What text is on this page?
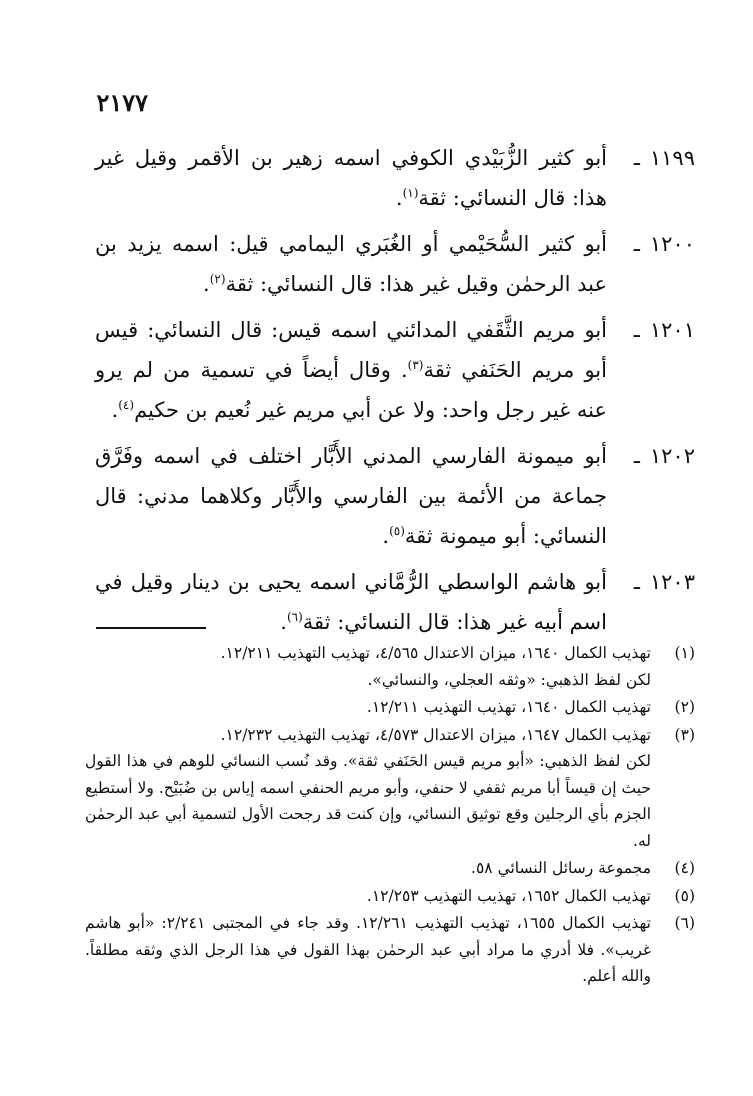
٢١٧٧
١١٩٩ـ
أبو كثير الزُّبَيْدي الكوفي اسمه زهير بن الأقمر وقيل غير هذا: قال النسائي: ثقة$^{(١)}$.
١٢٠٠ـ
أبو كثير السُّحَيْمي أو الغُبَري اليمامي قيل: اسمه يزيد بن عبد الرحمٰن وقيل غير هذا: قال النسائي: ثقة$^{(٢)}$.
١٢٠١ـ
أبو مريم الثَّقَفي المدائني اسمه قيس: قال النسائي: قيس أبو مريم الحَنَفي ثقة$^{(٣)}$. وقال أيضاً في تسمية من لم يرو عنه غير رجل واحد: ولا عن أبي مريم غير نُعيم بن حكيم$^{(٤)}$.
١٢٠٢ـ
أبو ميمونة الفارسي المدني الأَبَّار اختلف في اسمه وفَرَّق جماعة من الأئمة بين الفارسي والأَبَّار وكلاهما مدني: قال النسائي: أبو ميمونة ثقة$^{(٥)}$.
١٢٠٣ـ
أبو هاشم الواسطي الرُّمَّاني اسمه يحيى بن دينار وقيل في اسم أبيه غير هذا: قال النسائي: ثقة$^{(٦)}$.
(١)

تهذيب الكمال ١٦٤٠، ميزان الاعتدال ٤/٥٦٥، تهذيب التهذيب ١٢/٢١١.

لكن لفظ الذهبي: «وثقه العجلي، والنسائي».

(٢)

تهذيب الكمال ١٦٤٠، تهذيب التهذيب ١٢/٢١١.

(٣)

تهذيب الكمال ١٦٤٧، ميزان الاعتدال ٤/٥٧٣، تهذيب التهذيب ١٢/٢٣٢.

لكن لفظ الذهبي: «أبو مريم قيس الحَنَفي ثقة». وقد نُسب النسائي للوهم في هذا القول حيث إن قيساً أبا مريم ثقفي لا حنفي، وأبو مريم الحنفي اسمه إياس بن ضُبَيْح. ولا أستطيع الجزم بأي الرجلين وقع توثيق النسائي، وإن كنت قد رجحت الأول لتسمية أبي عبد الرحمٰن له.

(٤)

مجموعة رسائل النسائي ٥٨.

(٥)

تهذيب الكمال ١٦٥٢، تهذيب التهذيب ١٢/٢٥٣.

(٦)

تهذيب الكمال ١٦٥٥، تهذيب التهذيب ١٢/٢٦١. وقد جاء في المجتبى ٢/٢٤١: «أبو هاشم غريب». فلا أدري ما مراد أبي عبد الرحمٰن بهذا القول في هذا الرجل الذي وثقه مطلقاً. والله أعلم.
